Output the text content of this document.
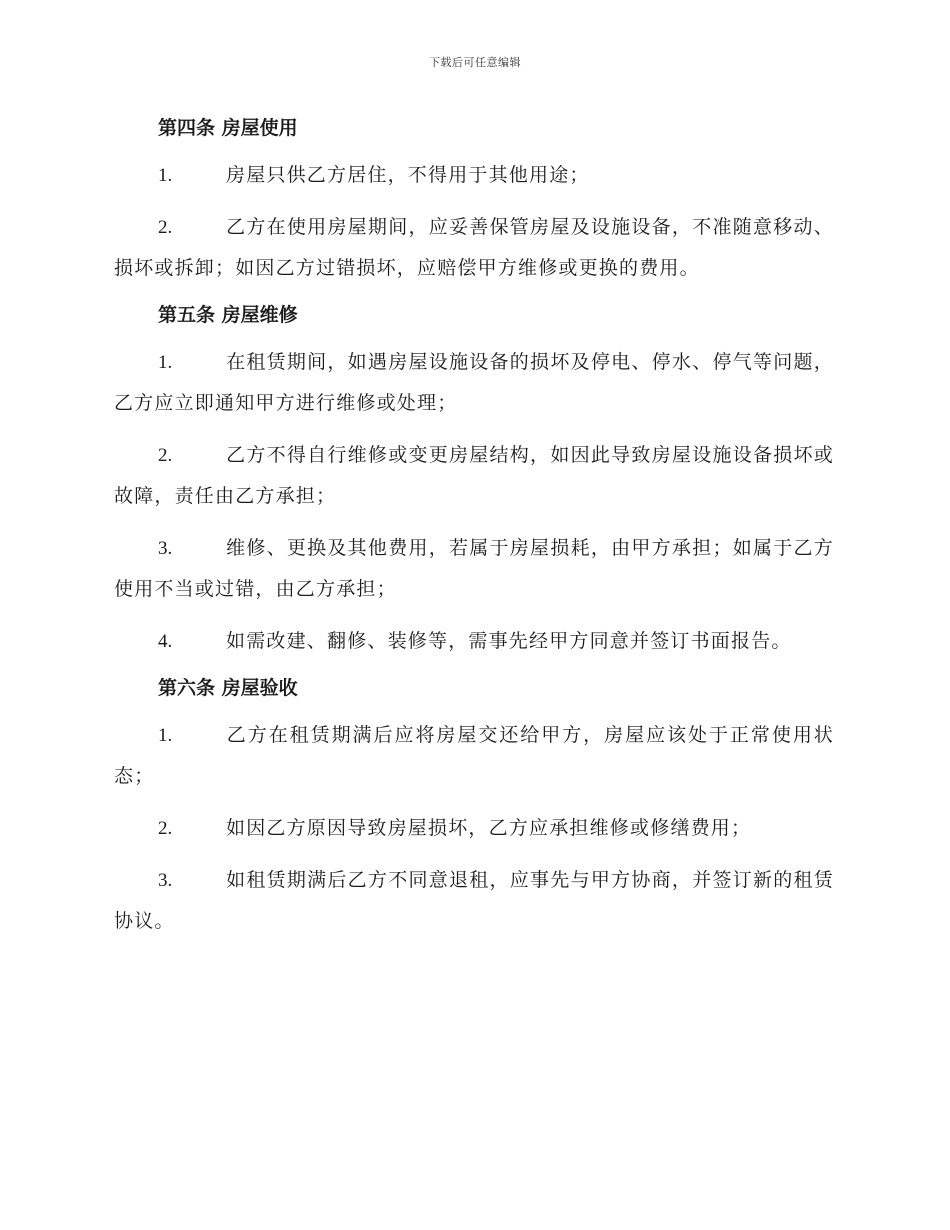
下载后可任意编辑
第四条 房屋使用

1.	房屋只供乙方居住，不得用于其他用途；

2.	乙方在使用房屋期间，应妥善保管房屋及设施设备，不准随意移动、损坏或拆卸；如因乙方过错损坏，应赔偿甲方维修或更换的费用。

第五条 房屋维修

1.	在租赁期间，如遇房屋设施设备的损坏及停电、停水、停气等问题，乙方应立即通知甲方进行维修或处理；

2.	乙方不得自行维修或变更房屋结构，如因此导致房屋设施设备损坏或故障，责任由乙方承担；

3.	维修、更换及其他费用，若属于房屋损耗，由甲方承担；如属于乙方使用不当或过错，由乙方承担；

4.	如需改建、翻修、装修等，需事先经甲方同意并签订书面报告。

第六条 房屋验收

1.	乙方在租赁期满后应将房屋交还给甲方，房屋应该处于正常使用状态；

2.	如因乙方原因导致房屋损坏，乙方应承担维修或修缮费用；

3.	如租赁期满后乙方不同意退租，应事先与甲方协商，并签订新的租赁协议。
